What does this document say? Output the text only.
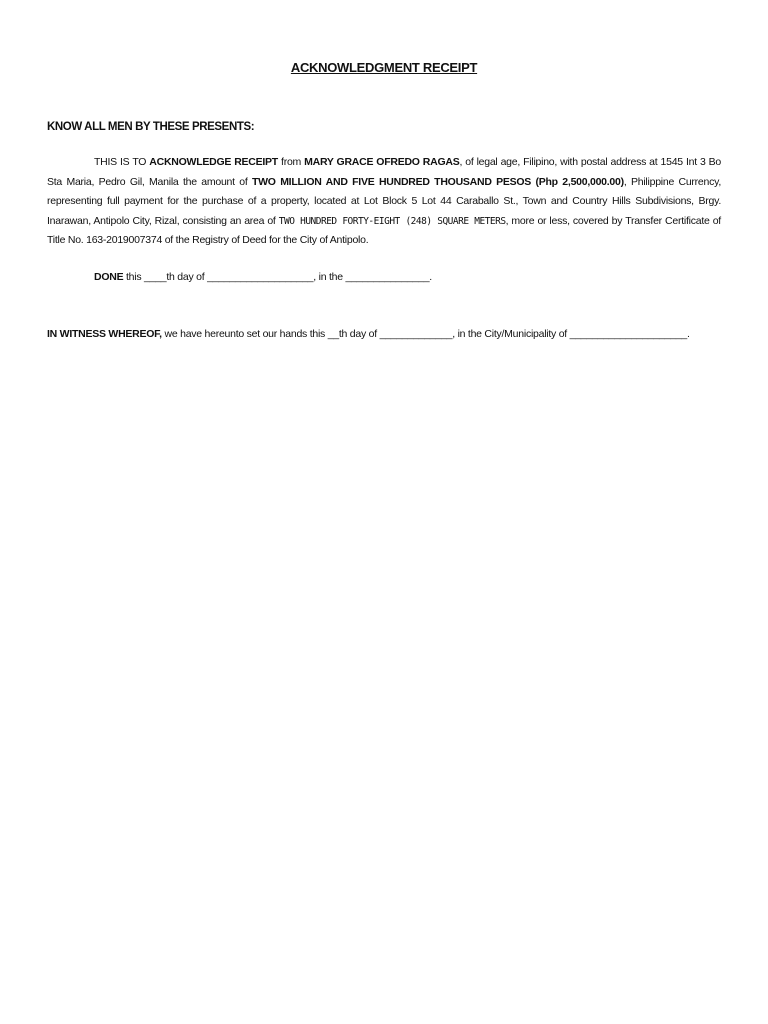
ACKNOWLEDGMENT RECEIPT
KNOW ALL MEN BY THESE PRESENTS:
THIS IS TO ACKNOWLEDGE RECEIPT from MARY GRACE OFREDO RAGAS, of legal age, Filipino, with postal address at 1545 Int 3 Bo Sta Maria, Pedro Gil, Manila the amount of TWO MILLION AND FIVE HUNDRED THOUSAND PESOS (Php 2,500,000.00), Philippine Currency, representing full payment for the purchase of a property, located at Lot Block 5 Lot 44 Caraballo St., Town and Country Hills Subdivisions, Brgy. Inarawan, Antipolo City, Rizal, consisting an area of TWO HUNDRED FORTY-EIGHT (248) SQUARE METERS, more or less, covered by Transfer Certificate of Title No. 163-2019007374 of the Registry of Deed for the City of Antipolo.
DONE this ____th day of ___________________, in the _______________.
IN WITNESS WHEREOF, we have hereunto set our hands this __th day of _____________, in the City/Municipality of _____________________.
